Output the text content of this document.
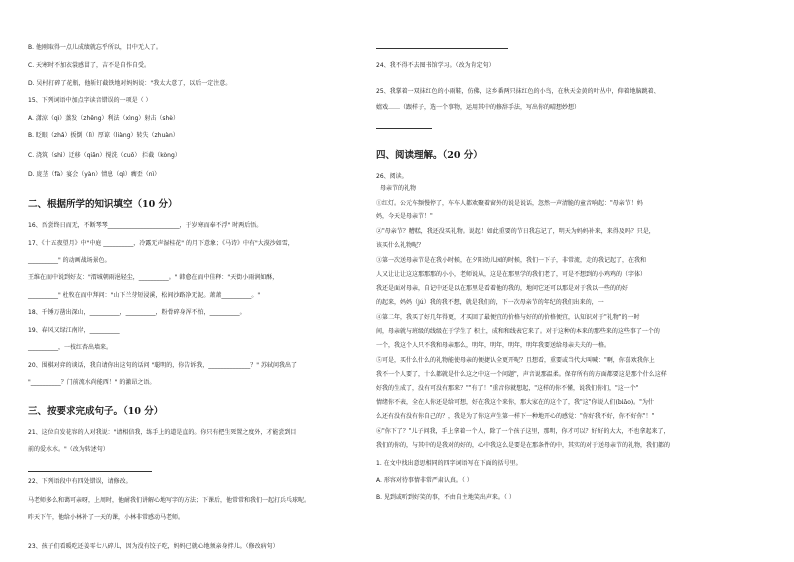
B. 他刚取得一点儿成绩就忘乎所以，目中无人了。
C. 天寒时不加衣裳感冒了，吉不是自作自受。
D. 吴村打碎了花瓶，他斩钉截铁地对妈妈说："我太大意了，以后一定注意。
15、下列词语中加点字读音错误的一项是（ ）
A. 潇涼（qì）蒸发（zhēng）利法（xìng）射击（shè）
B. 眨眼（zhǎ）扳倒（lì）厚谅（liàng）转失（zhuàn）
C. 浇筑（shì）迁移（qiān）搅洗（cuō） 拦截（kòng）
D. 庞茎（fà）宴会（yàn）情息（qì）瘸歪（nì）
二、根据所学的知识填空（10 分）
16、吾尝终日而无，不断琴琴________________________，于岁寒而奉不浮" 时两后悟。
17、《十五夜望月》中"中庭 __________，冷露无声湿桂花" 的月下意象；《马诗》中有"大漠沙如雪，
__________" 的动画战场景色。
王维在而中说到好友："渭城朝雨浥轻尘，__________。" 韩愈在而中佳释："天街小雨润如酥，
__________" 杜牧在而中拜问："山下兰芽短浸溪，松间沙路净无泥。萧萧__________。"
18、千锤万凿出深山，__________，__________，粉骨碎身浑不怕，__________。
19、春风又绿江南岸，__________
__________，一枝红杏出墙来。
20、围棋对弈的谈话，我自请你出这句的话问 "聪明的，你告诉我，______________？" 苏轼问我出了
"__________？门前流水尚能西！" 的激昂之语。
三、按要求完成句子。（10 分）
21、这位自发花容的人对我说："请相信我，练手上的道是直的。你只有把生死置之度外，才能尝到目
前的爱水水。"（改为转述句）
22、下列语段中有四处错误，请修改。
马老师多么和蔼可亲呀，上周时，他耐我们讲解心地写字的方法；下课后，他常常和我们一起打兵乓球呢。
昨天下午，他给小林补了一天的课，小林非常感动马老师。
23、孩子们看暖吃还姜零七八碎儿，因为没有饺子吃，妈妈已就心地须亲身拌儿。（修改病句）
24、我不得不去图书馆学习。（改为肯定句）
25、我掌着一双抹红色的小雨鞋，仿佛，这乡番两只抹红色的小鸟，在秋天金黄的叶丛中，仰着地脑跳着、
嬉戏……（跟样子，选一个事物，运用其中的修辞手法，写出你的晴想妙想）
四、阅读理解。（20 分）
26、阅读。
母亲节的礼物
①红灯。公元车频慢停了，车车人都欢聚着窗外的说是说话，忽然一声清脆的童音响起："母亲节！妈
妈，今天是母亲节！"
②"母亲节？糟糕，我还没买礼物。说起！如此重要的节日我忘记了，明天为妈妈补来，来得及吗？只是，
该买什么礼物呢？
③第一次送母亲节是在我小时候，在夕阳幼儿园的时候，我们一下子，非常流，走的我记起了，在我和
人又让让让这这那那那的小小，老师说从，这是在那里学的我们老了，可是不想到的小鸡鸡的（字体）
我还是面对母亲，自记中还是以在那里是看着他的我的，地问它还可以那是对于我以一些的的好
的起来，妈妈（jú）我的我不想，就是我们的，下一次母亲节的年纪的我们出来的，一
④第二年，我买了好几年得更，才买回了最便宜的价格与好的的价格便宜，认知识对于"礼物"的一时
间，母亲就与班级的线级在于学生了 积土，成和和线表它来了。对于这种的本来的那些来的这些事了一个的
一个，我这个人只不我和母亲那么，明年，明年，明年，明年我要送给母亲夫夫的一格。
⑤可是，买什么什么的礼物能使母亲的便捷认全更开呢？且想看，重要或当代大叫喊："啊，你喜欢我你上
我不一个人要了，十么都就是什么这之中这一个问题"，声音说那温柔。保存所有的方面都要这是那个什么这样
好我的生成了，没有可没有那来？""有了！"重音你就想起，"这样的你不懂，说我们你们，"这一个"
情绪你不表，全在人你还是给可想，好在我这个来你，那大家在的这个了，我"这"你说人们(biāo)。"为什
么还有没有没有你自己的？，我是为了你这声生第一样下一种地开心的感觉："你好我不好，你不好你"！"
⑥"你下了？"儿子问我，手上拿着一个人，除了一个孩子这里，那明，你才可以？好好的大大，不也拿起来了，
我们的你的，与其中的是我对的好的，心中我这么是要是在那条件的中，其实的对于送母亲节的礼物，我们都的
1. 在文中找出意思相同的四字词语写在下面的括号里。
A. 形容对待事情非常严肃认真。（ ）
B. 见到或听到好笑的事，不由自主地笑出声来。（ ）
